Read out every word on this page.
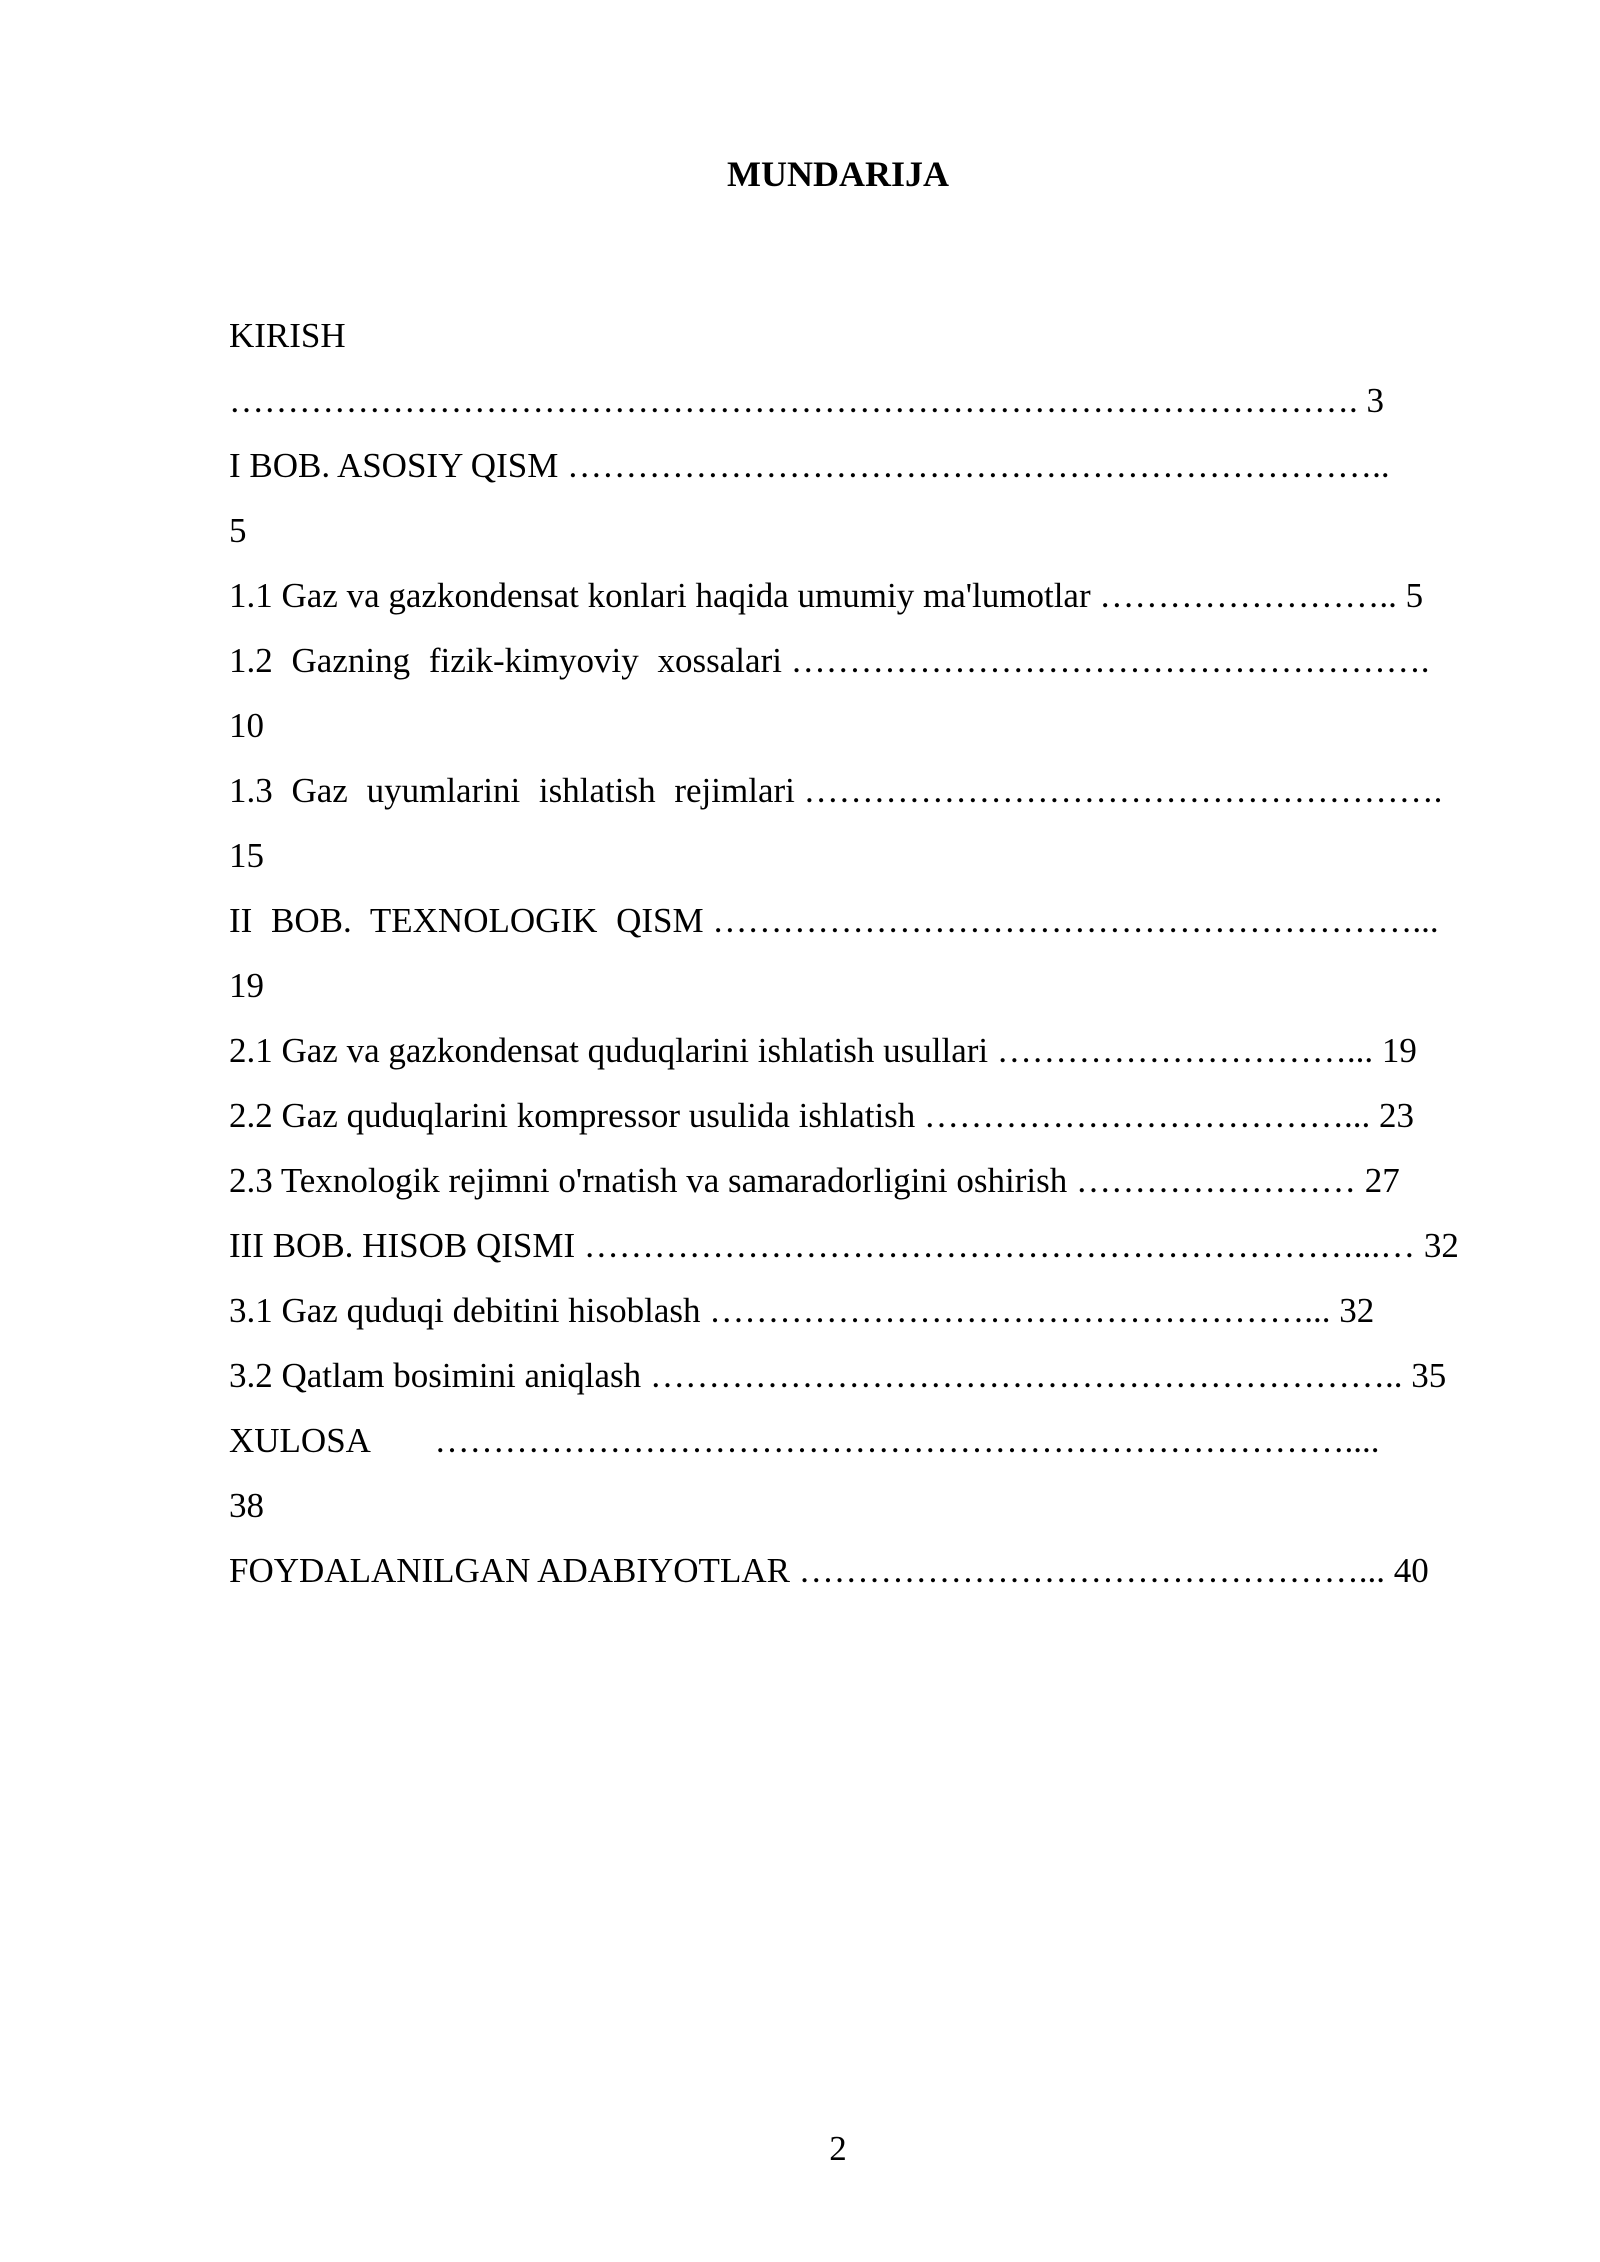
MUNDARIJA
KIRISH
……………………………………………………………………………………. 3
I BOB. ASOSIY QISM ……………………………………………………………..
5
1.1 Gaz va gazkondensat konlari haqida umumiy ma'lumotlar …………………….. 5
1.2 Gazning fizik-kimyoviy xossalari ……………………………………………….
10
1.3 Gaz uyumlarini ishlatish rejimlari ……………………………………………….
15
II BOB. TEXNOLOGIK QISM ……………………………………………………...
19
2.1 Gaz va gazkondensat quduqlarini ishlatish usullari …………………………... 19
2.2 Gaz quduqlarini kompressor usulida ishlatish ………………………………... 23
2.3 Texnologik rejimni o'rnatish va samaradorligini oshirish …………………… 27
III BOB. HISOB QISMI …………………………………………………………...… 32
3.1 Gaz quduqi debitini hisoblash ……………………………………………... 32
3.2 Qatlam bosimini aniqlash ……………………………………………………….. 35
XULOSA ……………………………………………………………………....
38
FOYDALANILGAN ADABIYOTLAR …………………………………………... 40
2
